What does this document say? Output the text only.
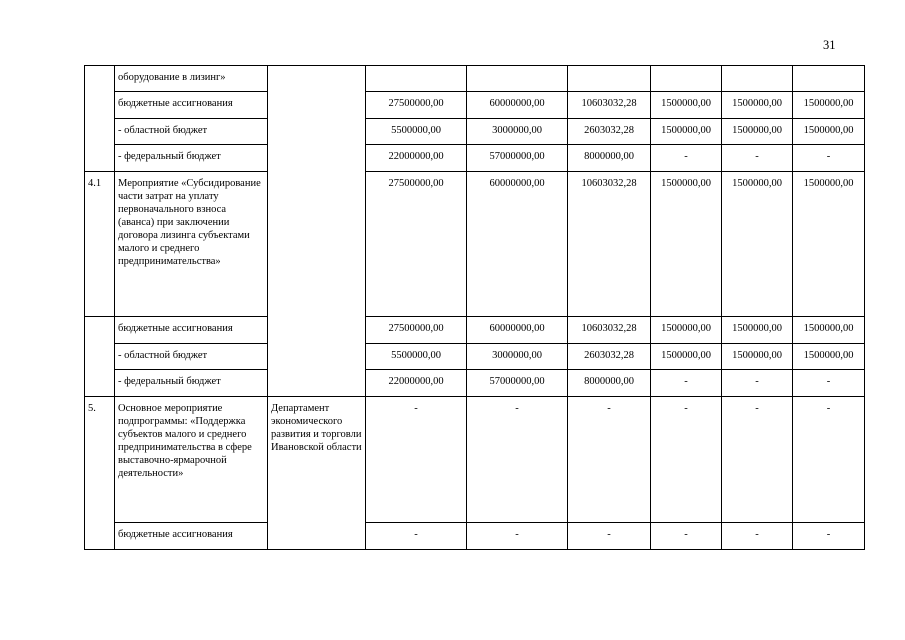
31
	оборудование в лизинг»							
	бюджетные ассигнования		27500000,00	60000000,00	10603032,28	1500000,00	1500000,00	1500000,00
	- областной бюджет		5500000,00	3000000,00	2603032,28	1500000,00	1500000,00	1500000,00
	- федеральный бюджет		22000000,00	57000000,00	8000000,00	-	-	-
4.1	Мероприятие «Субсидирование части затрат на уплату первоначального взноса (аванса) при заключении договора лизинга субъектами малого и среднего предпринимательства»		27500000,00	60000000,00	10603032,28	1500000,00	1500000,00	1500000,00
	бюджетные ассигнования		27500000,00	60000000,00	10603032,28	1500000,00	1500000,00	1500000,00
	- областной бюджет		5500000,00	3000000,00	2603032,28	1500000,00	1500000,00	1500000,00
	- федеральный бюджет		22000000,00	57000000,00	8000000,00	-	-	-
5.	Основное мероприятие подпрограммы: «Поддержка субъектов малого и среднего предпринимательства в сфере выставочно-ярмарочной деятельности»	Департамент экономического развития и торговли Ивановской области	-	-	-	-	-	-
	бюджетные ассигнования		-	-	-	-	-	-
